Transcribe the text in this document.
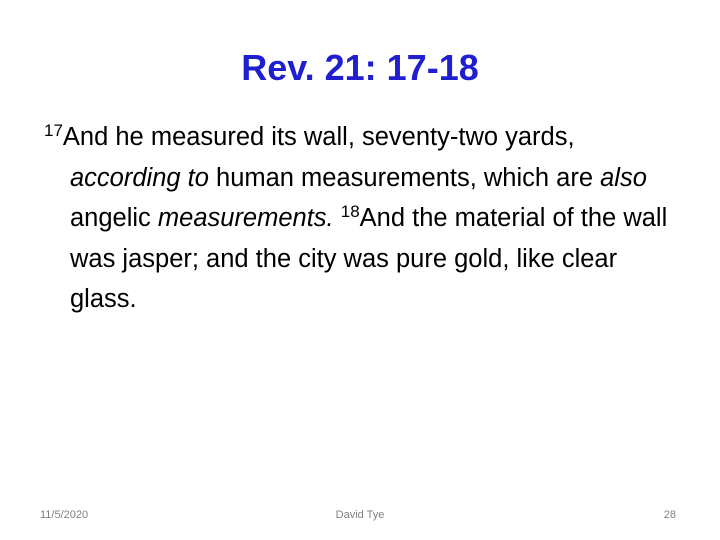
Rev. 21: 17-18

$^{17}$And he measured its wall, seventy-two yards, according to human measurements, which are also angelic measurements. $^{18}$And the material of the wall was jasper; and the city was pure gold, like clear glass.

11/5/2020	David Tye	28
